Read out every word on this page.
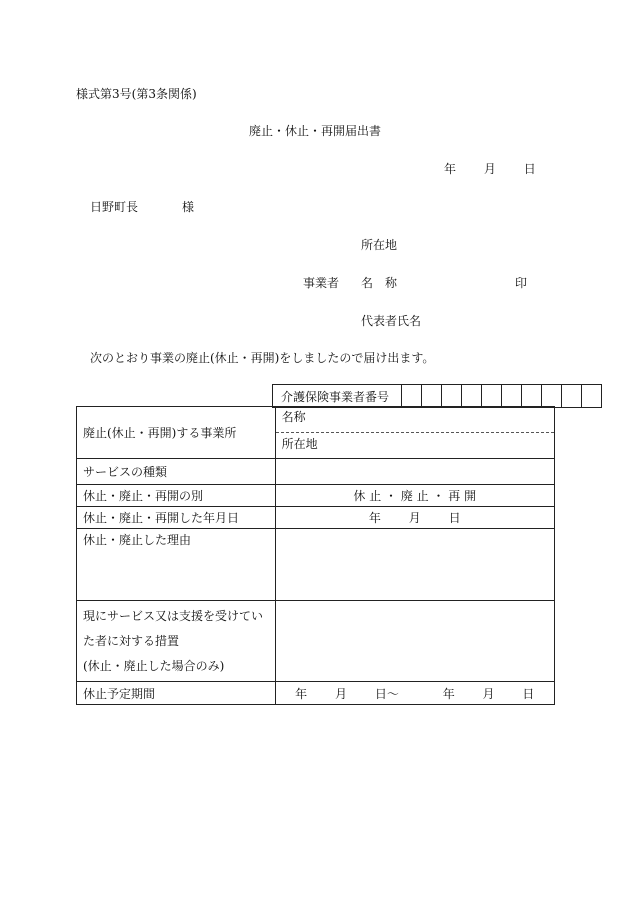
様式第3号(第3条関係)
廃止・休止・再開届出書
年 月 日
日野町長	様
所在地
事業者 名　称	印
代表者氏名
次のとおり事業の廃止(休止・再開)をしましたので届け出ます。
介護保険事業者番号										
廃止(休止・再開)する事業所	名称
所在地

サービスの種類	
休止・廃止・再開の別	休 止 ・ 廃 止 ・ 再 開
休止・廃止・再開した年月日	年 月 日
休止・廃止した理由	

現にサービス又は支援を受けてい
た者に対する措置
(休止・廃止した場合のみ)	

休止予定期間	年 月 日〜 年 月 日
